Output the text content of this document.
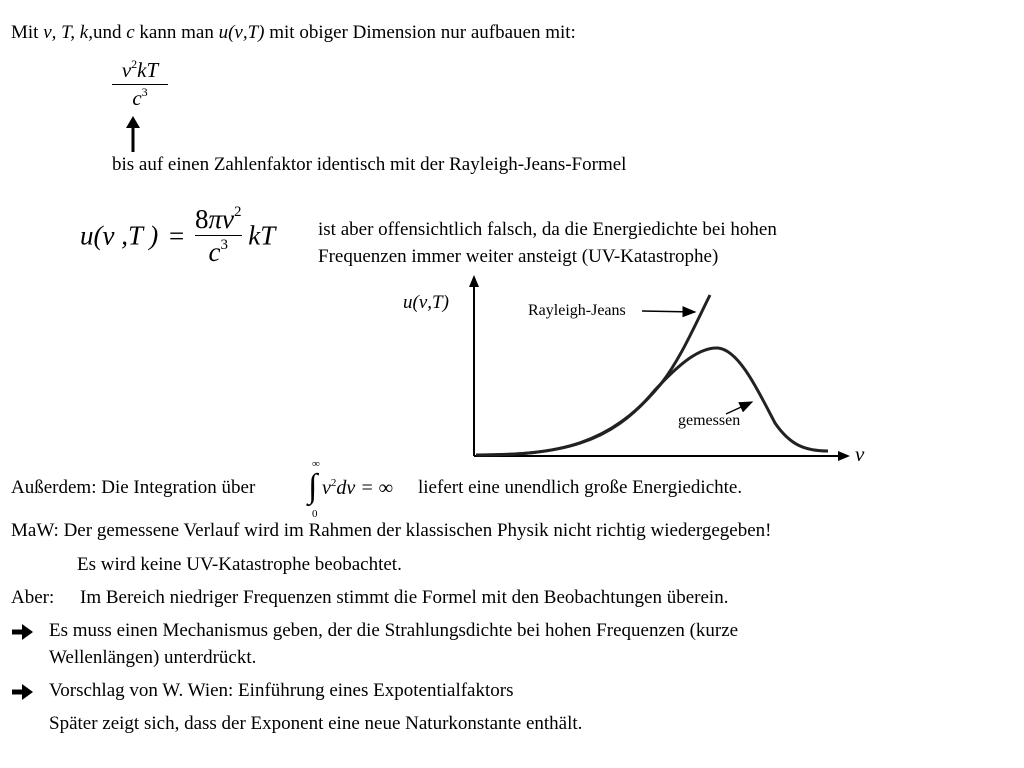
Mit ν, T, k,und c kann man u(ν,T) mit obiger Dimension nur aufbauen mit:
$\nu^2kT$
$c^3$
bis auf einen Zahlenfaktor identisch mit der Rayleigh-Jeans-Formel
u(ν ,T ) = $\frac{8\pi\nu^2}{c^3}$ kT ist aber offensichtlich falsch, da die Energiedichte bei hohen
Frequenzen immer weiter ansteigt (UV-Katastrophe)
u(ν,T)
ν
Rayleigh-Jeans
gemessen
Außerdem: Die Integration über
∞
∫
0
$\nu^2d\nu$ = ∞ liefert eine unendlich große Energiedichte.
MaW: Der gemessene Verlauf wird im Rahmen der klassischen Physik nicht richtig wiedergegeben!
Es wird keine UV-Katastrophe beobachtet.
Aber: Im Bereich niedriger Frequenzen stimmt die Formel mit den Beobachtungen überein.
Es muss einen Mechanismus geben, der die Strahlungsdichte bei hohen Frequenzen (kurze
Wellenlängen) unterdrückt.
Vorschlag von W. Wien: Einführung eines Expotentialfaktors
Später zeigt sich, dass der Exponent eine neue Naturkonstante enthält.
